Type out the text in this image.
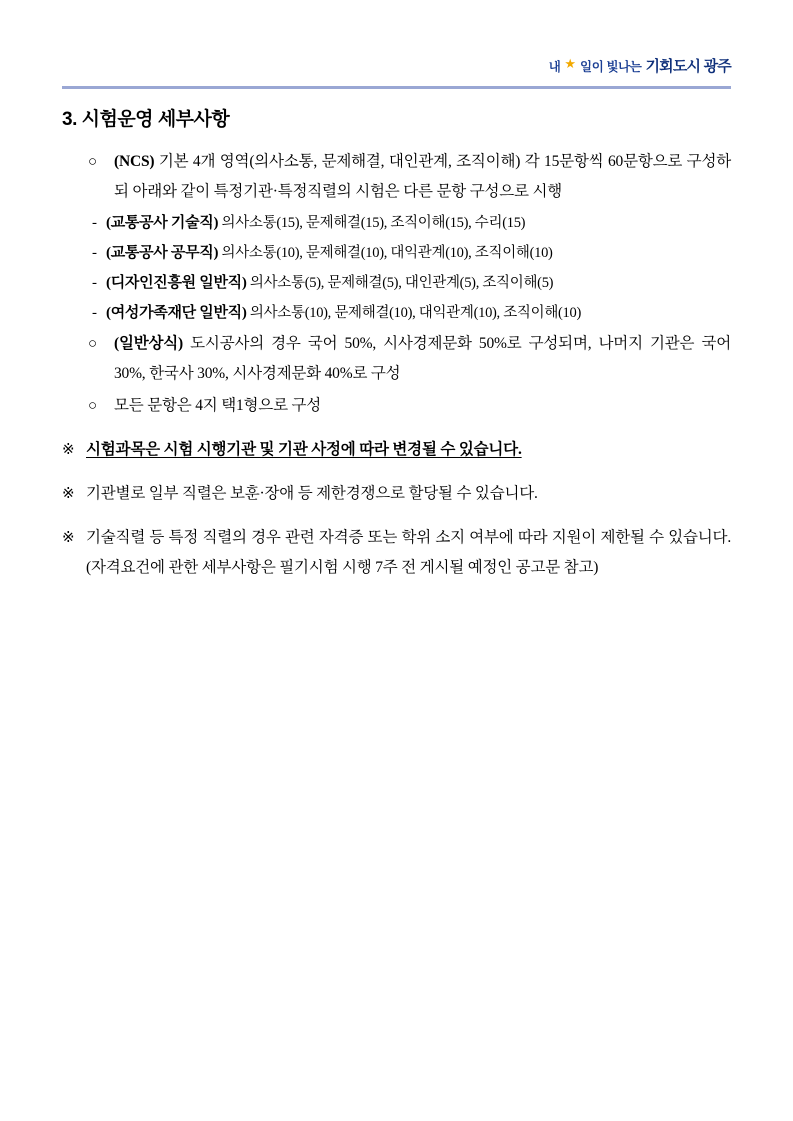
내 ★ 일이 빛나는 기회도시 광주
3. 시험운영 세부사항
○	(NCS) 기본 4개 영역(의사소통, 문제해결, 대인관계, 조직이해) 각 15문항씩 60문항으로 구성하되 아래와 같이 특정기관·특정직렬의 시험은 다른 문항 구성으로 시행
- (교통공사 기술직) 의사소통(15), 문제해결(15), 조직이해(15), 수리(15)
- (교통공사 공무직) 의사소통(10), 문제해결(10), 대익관계(10), 조직이해(10)
- (디자인진흥원 일반직) 의사소통(5), 문제해결(5), 대인관계(5), 조직이해(5)
- (여성가족재단 일반직) 의사소통(10), 문제해결(10), 대익관계(10), 조직이해(10)
○	(일반상식) 도시공사의 경우 국어 50%, 시사경제문화 50%로 구성되며, 나머지 기관은 국어 30%, 한국사 30%, 시사경제문화 40%로 구성
○	모든 문항은 4지 택1형으로 구성
※ 시험과목은 시험 시행기관 및 기관 사정에 따라 변경될 수 있습니다.
※ 기관별로 일부 직렬은 보훈·장애 등 제한경쟁으로 할당될 수 있습니다.
※ 기술직렬 등 특정 직렬의 경우 관련 자격증 또는 학위 소지 여부에 따라 지원이 제한될 수 있습니다.(자격요건에 관한 세부사항은 필기시험 시행 7주 전 게시될 예정인 공고문 참고)
